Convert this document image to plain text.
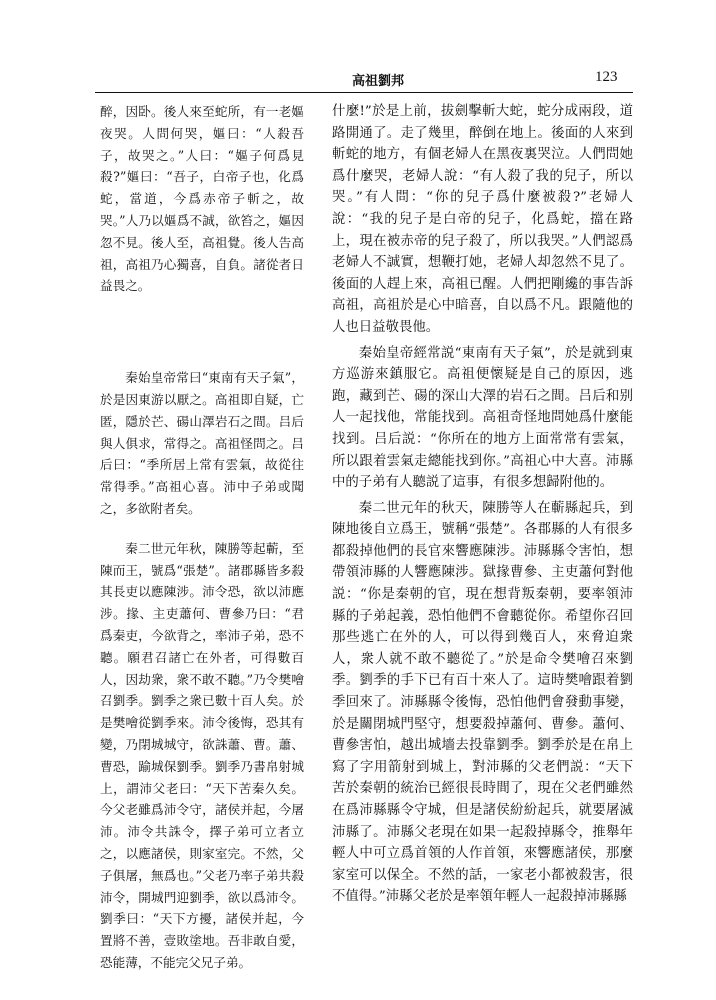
高祖劉邦	123

醉，因卧。後人來至蛇所，有一老嫗夜哭。人問何哭，嫗曰：“人殺吾子，故哭之。”人曰：“嫗子何爲見殺?”嫗曰：“吾子，白帝子也，化爲蛇，當道，今爲赤帝子斬之，故哭。”人乃以嫗爲不誠，欲笞之，嫗因忽不見。後人至，高祖覺。後人告高祖，高祖乃心獨喜，自負。諸從者日益畏之。

秦始皇帝常曰“東南有天子氣”，於是因東游以厭之。高祖即自疑，亡匿，隱於芒、碭山澤岩石之間。吕后與人俱求，常得之。高祖怪問之。吕后曰：“季所居上常有雲氣，故從往常得季。”高祖心喜。沛中子弟或聞之，多欲附者矣。

秦二世元年秋，陳勝等起蘄，至陳而王，號爲“張楚”。諸郡縣皆多殺其長吏以應陳涉。沛令恐，欲以沛應涉。掾、主吏蕭何、曹參乃曰：“君爲秦吏，今欲背之，率沛子弟，恐不聽。願君召諸亡在外者，可得數百人，因劫衆，衆不敢不聽。”乃令樊噲召劉季。劉季之衆已數十百人矣。於是樊噲從劉季來。沛令後悔，恐其有變，乃閉城城守，欲誅蕭、曹。蕭、曹恐，踰城保劉季。劉季乃書帛射城上，謂沛父老曰：“天下苦秦久矣。今父老雖爲沛令守，諸侯并起，今屠沛。沛令共誅令，擇子弟可立者立之，以應諸侯，則家室完。不然，父子俱屠，無爲也。”父老乃率子弟共殺沛令，開城門迎劉季，欲以爲沛令。劉季曰：“天下方擾，諸侯并起，今置將不善，壹敗塗地。吾非敢自愛，恐能薄，不能完父兄子弟。

什麼!”於是上前，拔劍擊斬大蛇，蛇分成兩段，道路開通了。走了幾里，醉倒在地上。後面的人來到斬蛇的地方，有個老婦人在黑夜裏哭泣。人們問她爲什麼哭，老婦人說：“有人殺了我的兒子，所以哭。”有人問：“你的兒子爲什麼被殺?”老婦人說：“我的兒子是白帝的兒子，化爲蛇，擋在路上，現在被赤帝的兒子殺了，所以我哭。”人們認爲老婦人不誠實，想鞭打她，老婦人却忽然不見了。後面的人趕上來，高祖已醒。人們把剛纔的事告訴高祖，高祖於是心中暗喜，自以爲不凡。跟隨他的人也日益敬畏他。

秦始皇帝經常説“東南有天子氣”，於是就到東方巡游來鎮服它。高祖便懷疑是自己的原因，逃跑，藏到芒、碭的深山大澤的岩石之間。吕后和别人一起找他，常能找到。高祖奇怪地問她爲什麼能找到。吕后説：“你所在的地方上面常常有雲氣，所以跟着雲氣走總能找到你。”高祖心中大喜。沛縣中的子弟有人聽説了這事，有很多想歸附他的。

秦二世元年的秋天，陳勝等人在蘄縣起兵，到陳地後自立爲王，號稱“張楚”。各郡縣的人有很多都殺掉他們的長官來響應陳涉。沛縣縣令害怕，想帶領沛縣的人響應陳涉。獄掾曹參、主吏蕭何對他説：“你是秦朝的官，現在想背叛秦朝，要率領沛縣的子弟起義，恐怕他們不會聽從你。希望你召回那些逃亡在外的人，可以得到幾百人，來脅迫衆人，衆人就不敢不聽從了。”於是命令樊噲召來劉季。劉季的手下已有百十來人了。這時樊噲跟着劉季回來了。沛縣縣令後悔，恐怕他們會發動事變，於是關閉城門堅守，想要殺掉蕭何、曹參。蕭何、曹參害怕，越出城墻去投靠劉季。劉季於是在帛上寫了字用箭射到城上，對沛縣的父老們説：“天下苦於秦朝的統治已經很長時間了，現在父老們雖然在爲沛縣縣令守城，但是諸侯紛紛起兵，就要屠滅沛縣了。沛縣父老現在如果一起殺掉縣令，推舉年輕人中可立爲首領的人作首領，來響應諸侯，那麼家室可以保全。不然的話，一家老小都被殺害，很不值得。”沛縣父老於是率領年輕人一起殺掉沛縣縣
